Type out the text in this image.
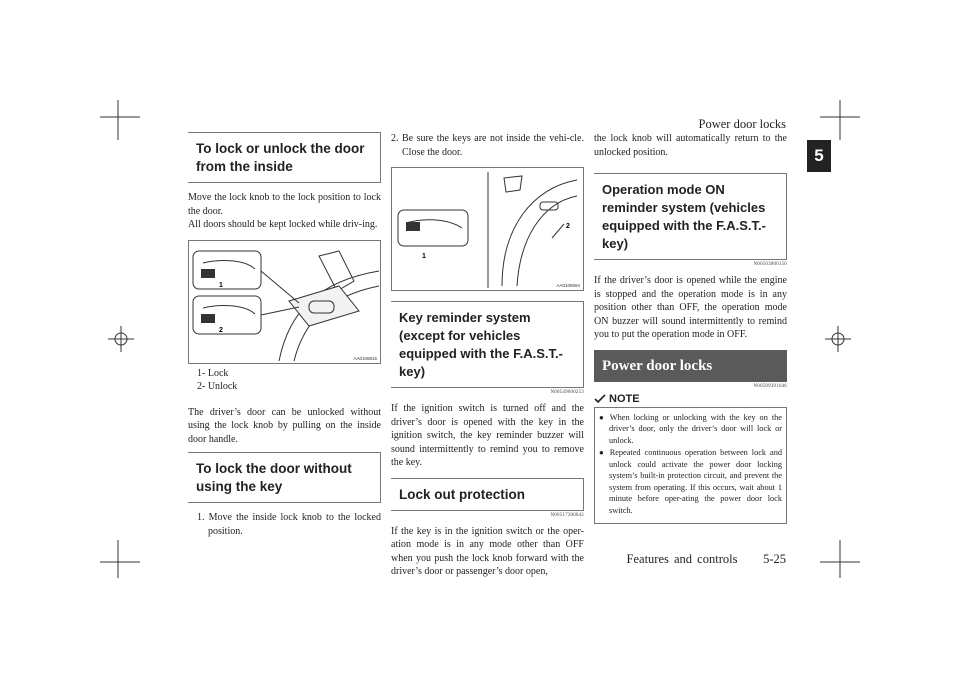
Power door locks
5
Features and controls 5-25
To lock or unlock the door from the inside

Move the lock knob to the lock position to lock the door.

All doors should be kept locked while driv-ing.

1
2
AA0108815
1- Lock
2- Unlock

The driver’s door can be unlocked without using the lock knob by pulling on the inside door handle.

To lock the door without using the key

1. Move the inside lock knob to the locked position.

2. Be sure the keys are not inside the vehi-cle. Close the door.

1
2
AA0109594
Key reminder system (except for vehicles equipped with the F.A.S.T.-key)
N00549600253

If the ignition switch is turned off and the driver’s door is opened with the key in the ignition switch, the key reminder buzzer will sound intermittently to remind you to remove the key.

Lock out protection
N00517300042

If the key is in the ignition switch or the oper-ation mode is in any mode other than OFF when you push the lock knob forward with the driver’s door or passenger’s door open,

the lock knob will automatically return to the unlocked position.

Operation mode ON reminder system (vehicles equipped with the F.A.S.T.-key)
N00503800150

If the driver’s door is opened while the engine is stopped and the operation mode is in any position other than OFF, the operation mode ON buzzer will sound intermittently to remind you to put the operation mode in OFF.

Power door locks
N00509301646
NOTE

● When locking or unlocking with the key on the driver’s door, only the driver’s door will lock or unlock.

● Repeated continuous operation between lock and unlock could activate the power door locking system’s built-in protection circuit, and prevent the system from operating. If this occurs, wait about 1 minute before oper-ating the power door lock switch.
